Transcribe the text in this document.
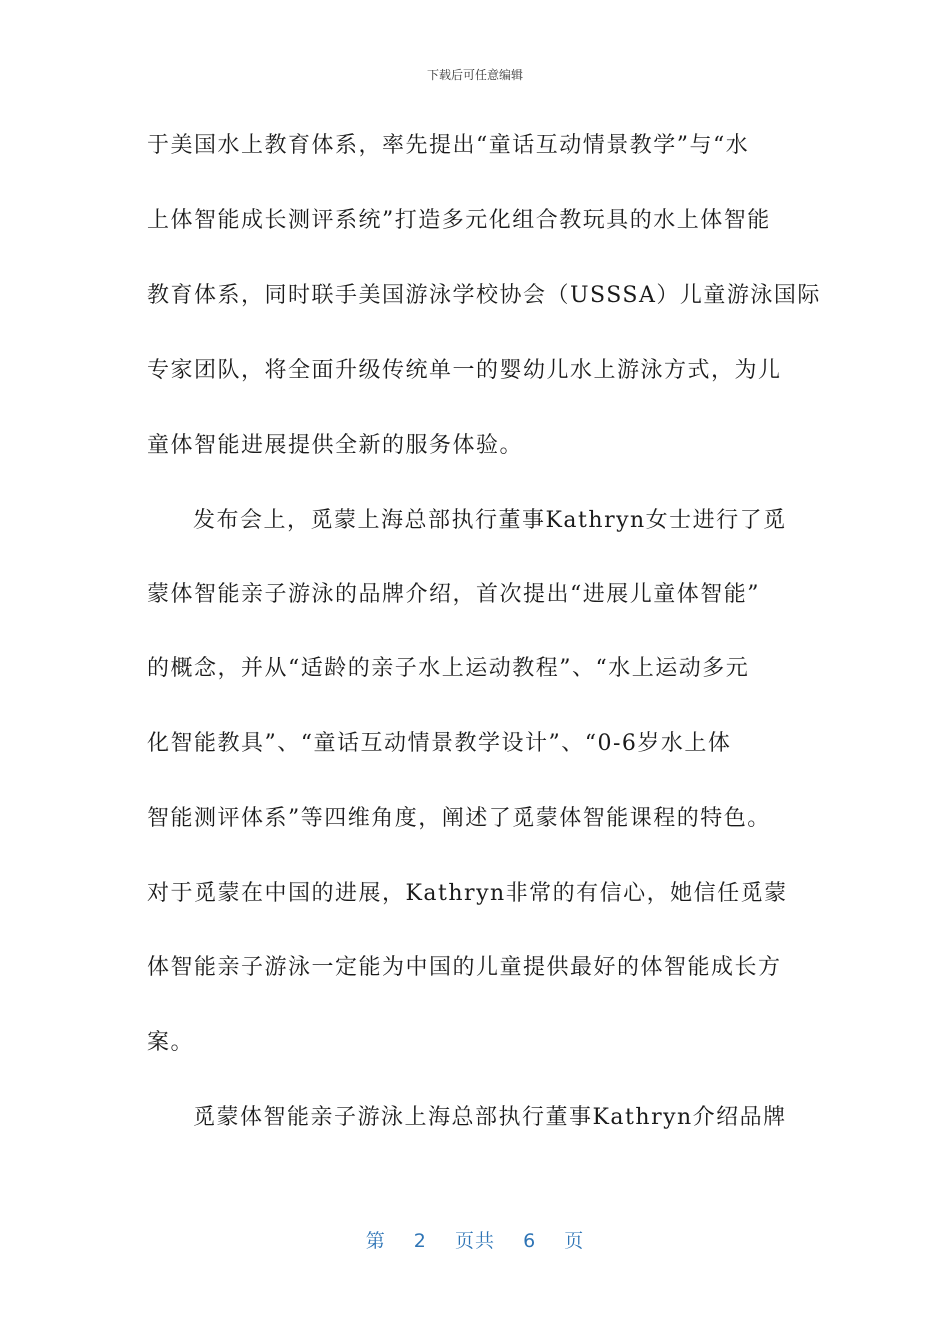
下载后可任意编辑
于美国水上教育体系，率先提出“童话互动情景教学”与“水
上体智能成长测评系统”打造多元化组合教玩具的水上体智能
教育体系，同时联手美国游泳学校协会（USSSA）儿童游泳国际
专家团队，将全面升级传统单一的婴幼儿水上游泳方式，为儿
童体智能进展提供全新的服务体验。
发布会上，觅蒙上海总部执行董事Kathryn女士进行了觅
蒙体智能亲子游泳的品牌介绍，首次提出“进展儿童体智能”
的概念，并从“适龄的亲子水上运动教程”、“水上运动多元
化智能教具”、“童话互动情景教学设计”、“0-6岁水上体
智能测评体系”等四维角度，阐述了觅蒙体智能课程的特色。
对于觅蒙在中国的进展，Kathryn非常的有信心，她信任觅蒙
体智能亲子游泳一定能为中国的儿童提供最好的体智能成长方
案。
觅蒙体智能亲子游泳上海总部执行董事Kathryn介绍品牌
第 2 页共 6 页
